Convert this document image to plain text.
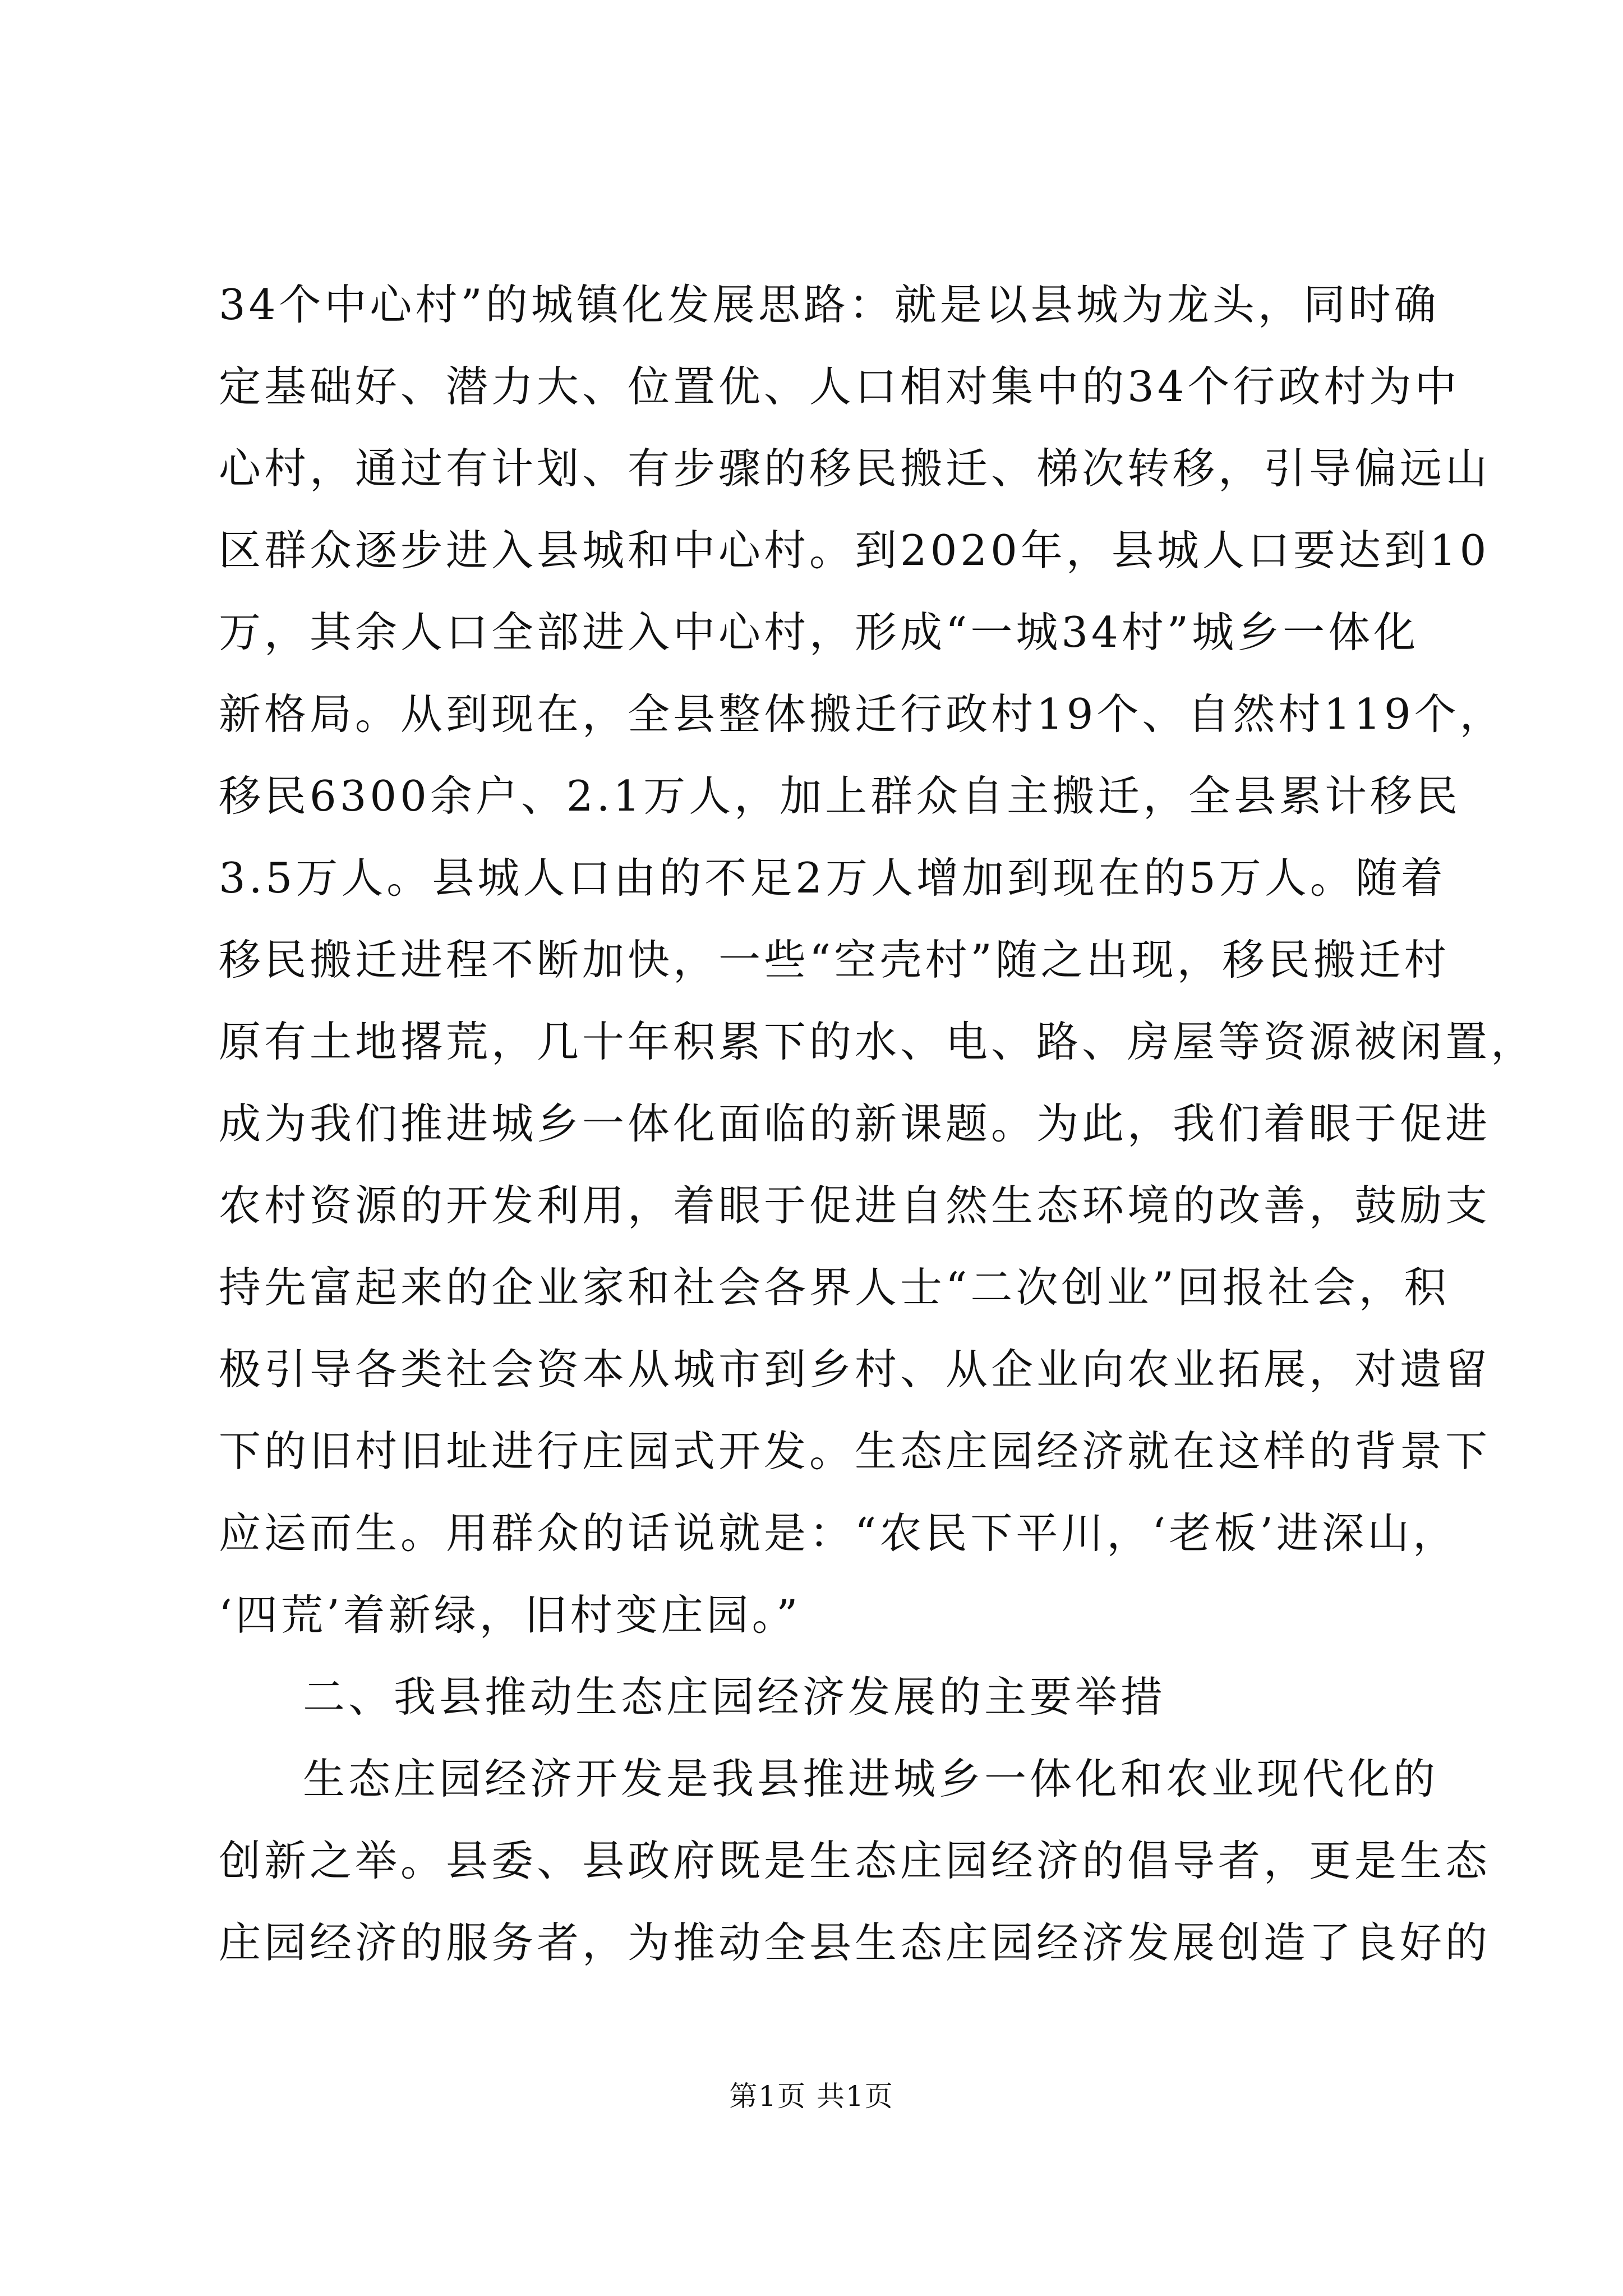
34个中心村”的城镇化发展思路：就是以县城为龙头，同时确
定基础好、潜力大、位置优、人口相对集中的34个行政村为中
心村，通过有计划、有步骤的移民搬迁、梯次转移，引导偏远山
区群众逐步进入县城和中心村。到2020年，县城人口要达到10
万，其余人口全部进入中心村，形成“一城34村”城乡一体化
新格局。从到现在，全县整体搬迁行政村19个、自然村119个，
移民6300余户、2.1万人，加上群众自主搬迁，全县累计移民
3.5万人。县城人口由的不足2万人增加到现在的5万人。随着
移民搬迁进程不断加快，一些“空壳村”随之出现，移民搬迁村
原有土地撂荒，几十年积累下的水、电、路、房屋等资源被闲置，
成为我们推进城乡一体化面临的新课题。为此，我们着眼于促进
农村资源的开发利用，着眼于促进自然生态环境的改善，鼓励支
持先富起来的企业家和社会各界人士“二次创业”回报社会，积
极引导各类社会资本从城市到乡村、从企业向农业拓展，对遗留
下的旧村旧址进行庄园式开发。生态庄园经济就在这样的背景下
应运而生。用群众的话说就是：“农民下平川，‘老板’进深山，
‘四荒’着新绿，旧村变庄园。”
二、我县推动生态庄园经济发展的主要举措
生态庄园经济开发是我县推进城乡一体化和农业现代化的
创新之举。县委、县政府既是生态庄园经济的倡导者，更是生态
庄园经济的服务者，为推动全县生态庄园经济发展创造了良好的
第1页 共1页
